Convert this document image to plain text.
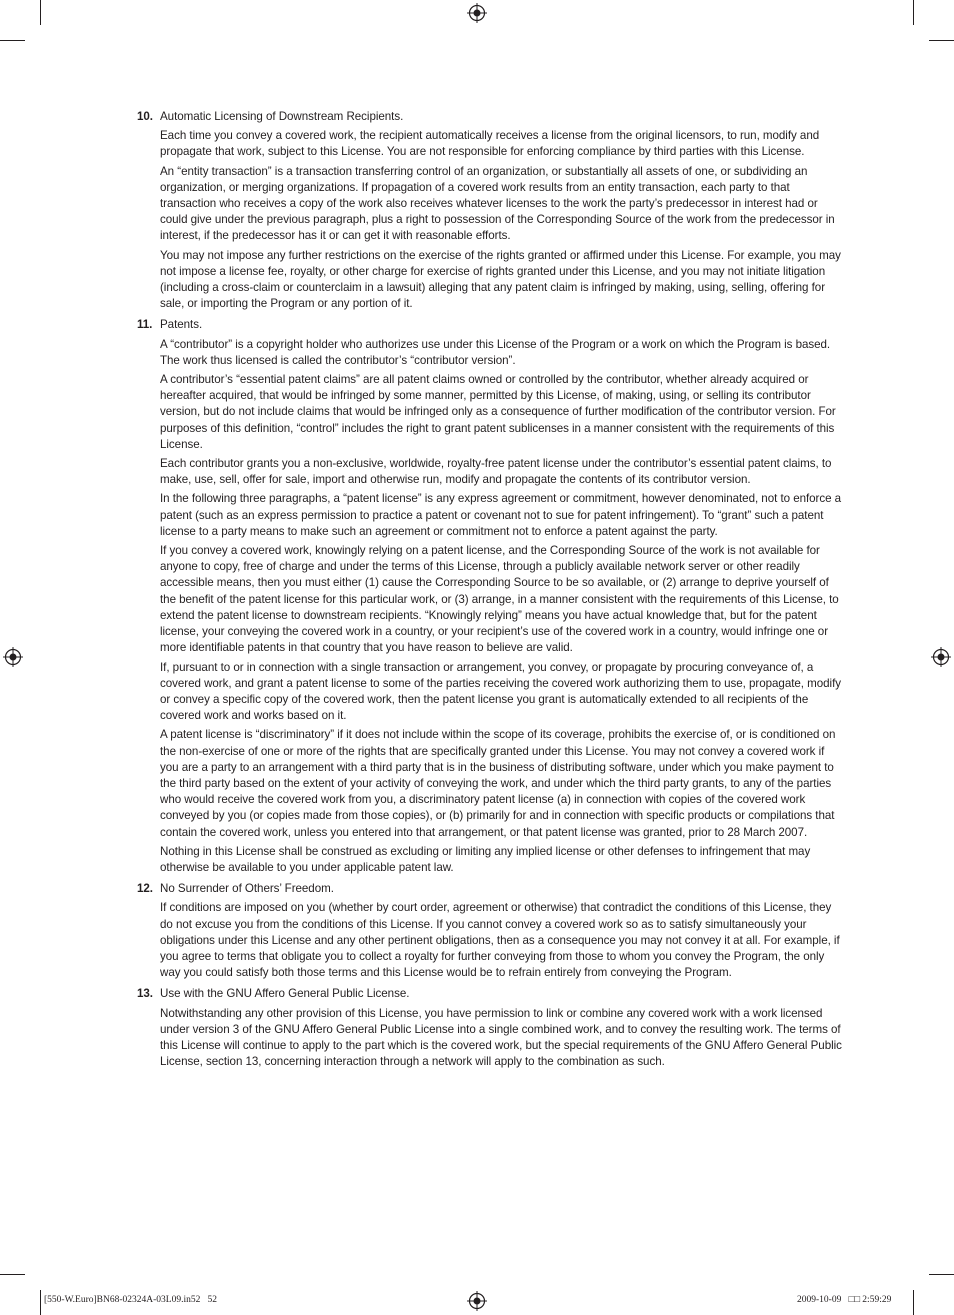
10. Automatic Licensing of Downstream Recipients.

Each time you convey a covered work, the recipient automatically receives a license from the original licensors, to run, modify and propagate that work, subject to this License. You are not responsible for enforcing compliance by third parties with this License.

An “entity transaction” is a transaction transferring control of an organization, or substantially all assets of one, or subdividing an organization, or merging organizations. If propagation of a covered work results from an entity transaction, each party to that transaction who receives a copy of the work also receives whatever licenses to the work the party’s predecessor in interest had or could give under the previous paragraph, plus a right to possession of the Corresponding Source of the work from the predecessor in interest, if the predecessor has it or can get it with reasonable efforts.

You may not impose any further restrictions on the exercise of the rights granted or affirmed under this License. For example, you may not impose a license fee, royalty, or other charge for exercise of rights granted under this License, and you may not initiate litigation (including a cross-claim or counterclaim in a lawsuit) alleging that any patent claim is infringed by making, using, selling, offering for sale, or importing the Program or any portion of it.

11. Patents.

A “contributor” is a copyright holder who authorizes use under this License of the Program or a work on which the Program is based. The work thus licensed is called the contributor’s “contributor version”.

A contributor’s “essential patent claims” are all patent claims owned or controlled by the contributor, whether already acquired or hereafter acquired, that would be infringed by some manner, permitted by this License, of making, using, or selling its contributor version, but do not include claims that would be infringed only as a consequence of further modification of the contributor version. For purposes of this definition, “control” includes the right to grant patent sublicenses in a manner consistent with the requirements of this License.

Each contributor grants you a non-exclusive, worldwide, royalty-free patent license under the contributor’s essential patent claims, to make, use, sell, offer for sale, import and otherwise run, modify and propagate the contents of its contributor version.

In the following three paragraphs, a “patent license” is any express agreement or commitment, however denominated, not to enforce a patent (such as an express permission to practice a patent or covenant not to sue for patent infringement). To “grant” such a patent license to a party means to make such an agreement or commitment not to enforce a patent against the party.

If you convey a covered work, knowingly relying on a patent license, and the Corresponding Source of the work is not available for anyone to copy, free of charge and under the terms of this License, through a publicly available network server or other readily accessible means, then you must either (1) cause the Corresponding Source to be so available, or (2) arrange to deprive yourself of the benefit of the patent license for this particular work, or (3) arrange, in a manner consistent with the requirements of this License, to extend the patent license to downstream recipients. “Knowingly relying” means you have actual knowledge that, but for the patent license, your conveying the covered work in a country, or your recipient’s use of the covered work in a country, would infringe one or more identifiable patents in that country that you have reason to believe are valid.

If, pursuant to or in connection with a single transaction or arrangement, you convey, or propagate by procuring conveyance of, a covered work, and grant a patent license to some of the parties receiving the covered work authorizing them to use, propagate, modify or convey a specific copy of the covered work, then the patent license you grant is automatically extended to all recipients of the covered work and works based on it.

A patent license is “discriminatory” if it does not include within the scope of its coverage, prohibits the exercise of, or is conditioned on the non-exercise of one or more of the rights that are specifically granted under this License. You may not convey a covered work if you are a party to an arrangement with a third party that is in the business of distributing software, under which you make payment to the third party based on the extent of your activity of conveying the work, and under which the third party grants, to any of the parties who would receive the covered work from you, a discriminatory patent license (a) in connection with copies of the covered work conveyed by you (or copies made from those copies), or (b) primarily for and in connection with specific products or compilations that contain the covered work, unless you entered into that arrangement, or that patent license was granted, prior to 28 March 2007.

Nothing in this License shall be construed as excluding or limiting any implied license or other defenses to infringement that may otherwise be available to you under applicable patent law.

12. No Surrender of Others’ Freedom.

If conditions are imposed on you (whether by court order, agreement or otherwise) that contradict the conditions of this License, they do not excuse you from the conditions of this License. If you cannot convey a covered work so as to satisfy simultaneously your obligations under this License and any other pertinent obligations, then as a consequence you may not convey it at all. For example, if you agree to terms that obligate you to collect a royalty for further conveying from those to whom you convey the Program, the only way you could satisfy both those terms and this License would be to refrain entirely from conveying the Program.

13. Use with the GNU Affero General Public License.

Notwithstanding any other provision of this License, you have permission to link or combine any covered work with a work licensed under version 3 of the GNU Affero General Public License into a single combined work, and to convey the resulting work. The terms of this License will continue to apply to the part which is the covered work, but the special requirements of the GNU Affero General Public License, section 13, concerning interaction through a network will apply to the combination as such.

[550-W.Euro]BN68-02324A-03L09.in52   52	2009-10-09   □□ 2:59:29
